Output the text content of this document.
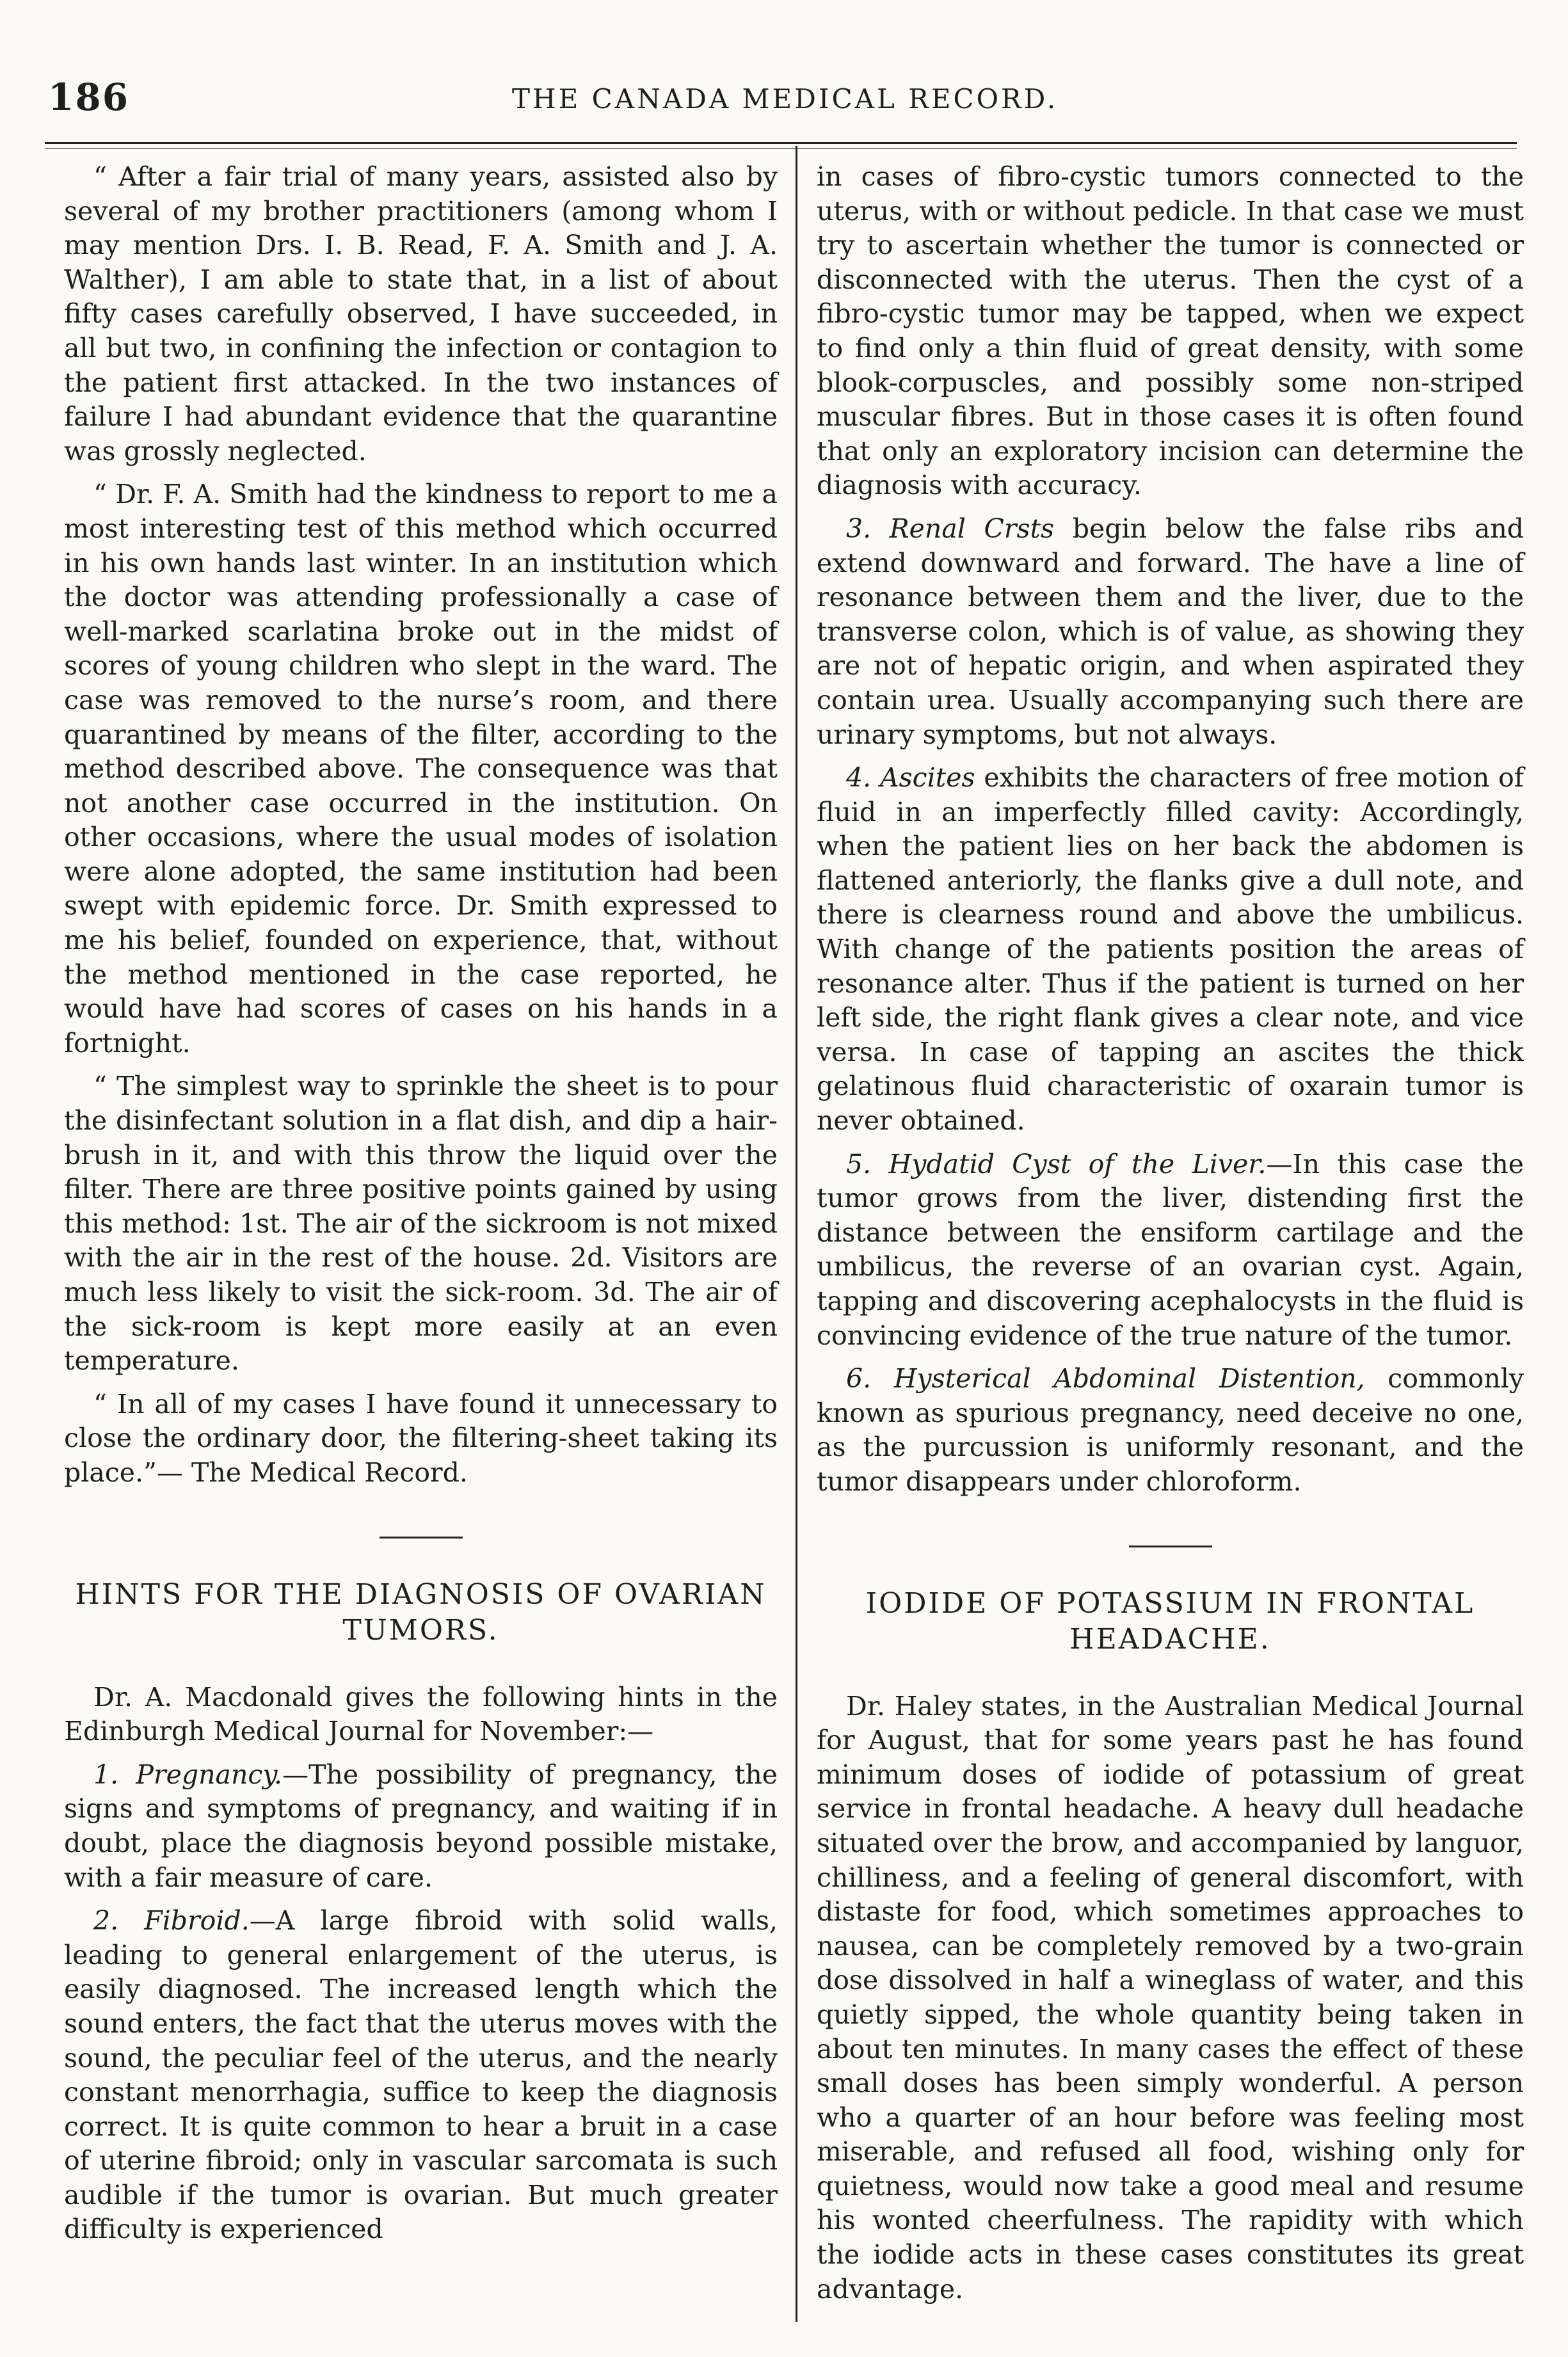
186	THE CANADA MEDICAL RECORD.

“ After a fair trial of many years, assisted also by several of my brother practitioners (among whom I may mention Drs. I. B. Read, F. A. Smith and J. A. Walther), I am able to state that, in a list of about fifty cases carefully observed, I have succeeded, in all but two, in confining the infection or contagion to the patient first attacked. In the two instances of failure I had abundant evidence that the quarantine was grossly neglected.

“ Dr. F. A. Smith had the kindness to report to me a most interesting test of this method which occurred in his own hands last winter. In an institution which the doctor was attending professionally a case of well-marked scarlatina broke out in the midst of scores of young children who slept in the ward. The case was removed to the nurse’s room, and there quarantined by means of the filter, according to the method described above. The consequence was that not another case occurred in the institution. On other occasions, where the usual modes of isolation were alone adopted, the same institution had been swept with epidemic force. Dr. Smith expressed to me his belief, founded on experience, that, without the method mentioned in the case reported, he would have had scores of cases on his hands in a fortnight.

“ The simplest way to sprinkle the sheet is to pour the disinfectant solution in a flat dish, and dip a hair-brush in it, and with this throw the liquid over the filter. There are three positive points gained by using this method: 1st. The air of the sickroom is not mixed with the air in the rest of the house. 2d. Visitors are much less likely to visit the sick-room. 3d. The air of the sick-room is kept more easily at an even temperature.

“ In all of my cases I have found it unnecessary to close the ordinary door, the filtering-sheet taking its place.”— The Medical Record.

HINTS FOR THE DIAGNOSIS OF OVARIAN TUMORS.

Dr. A. Macdonald gives the following hints in the Edinburgh Medical Journal for November:—

1. Pregnancy.—The possibility of pregnancy, the signs and symptoms of pregnancy, and waiting if in doubt, place the diagnosis beyond possible mistake, with a fair measure of care.

2. Fibroid.—A large fibroid with solid walls, leading to general enlargement of the uterus, is easily diagnosed. The increased length which the sound enters, the fact that the uterus moves with the sound, the peculiar feel of the uterus, and the nearly constant menorrhagia, suffice to keep the diagnosis correct. It is quite common to hear a bruit in a case of uterine fibroid; only in vascular sarcomata is such audible if the tumor is ovarian. But much greater difficulty is experienced

in cases of fibro-cystic tumors connected to the uterus, with or without pedicle. In that case we must try to ascertain whether the tumor is connected or disconnected with the uterus. Then the cyst of a fibro-cystic tumor may be tapped, when we expect to find only a thin fluid of great density, with some blook-corpuscles, and possibly some non-striped muscular fibres. But in those cases it is often found that only an exploratory incision can determine the diagnosis with accuracy.

3. Renal Crsts begin below the false ribs and extend downward and forward. The have a line of resonance between them and the liver, due to the transverse colon, which is of value, as showing they are not of hepatic origin, and when aspirated they contain urea. Usually accompanying such there are urinary symptoms, but not always.

4. Ascites exhibits the characters of free motion of fluid in an imperfectly filled cavity: Accordingly, when the patient lies on her back the abdomen is flattened anteriorly, the flanks give a dull note, and there is clearness round and above the umbilicus. With change of the patients position the areas of resonance alter. Thus if the patient is turned on her left side, the right flank gives a clear note, and vice versa. In case of tapping an ascites the thick gelatinous fluid characteristic of oxarain tumor is never obtained.

5. Hydatid Cyst of the Liver.—In this case the tumor grows from the liver, distending first the distance between the ensiform cartilage and the umbilicus, the reverse of an ovarian cyst. Again, tapping and discovering acephalocysts in the fluid is convincing evidence of the true nature of the tumor.

6. Hysterical Abdominal Distention, commonly known as spurious pregnancy, need deceive no one, as the purcussion is uniformly resonant, and the tumor disappears under chloroform.

IODIDE OF POTASSIUM IN FRONTAL HEADACHE.

Dr. Haley states, in the Australian Medical Journal for August, that for some years past he has found minimum doses of iodide of potassium of great service in frontal headache. A heavy dull headache situated over the brow, and accompanied by languor, chilliness, and a feeling of general discomfort, with distaste for food, which sometimes approaches to nausea, can be completely removed by a two-grain dose dissolved in half a wineglass of water, and this quietly sipped, the whole quantity being taken in about ten minutes. In many cases the effect of these small doses has been simply wonderful. A person who a quarter of an hour before was feeling most miserable, and refused all food, wishing only for quietness, would now take a good meal and resume his wonted cheerfulness. The rapidity with which the iodide acts in these cases constitutes its great advantage.
